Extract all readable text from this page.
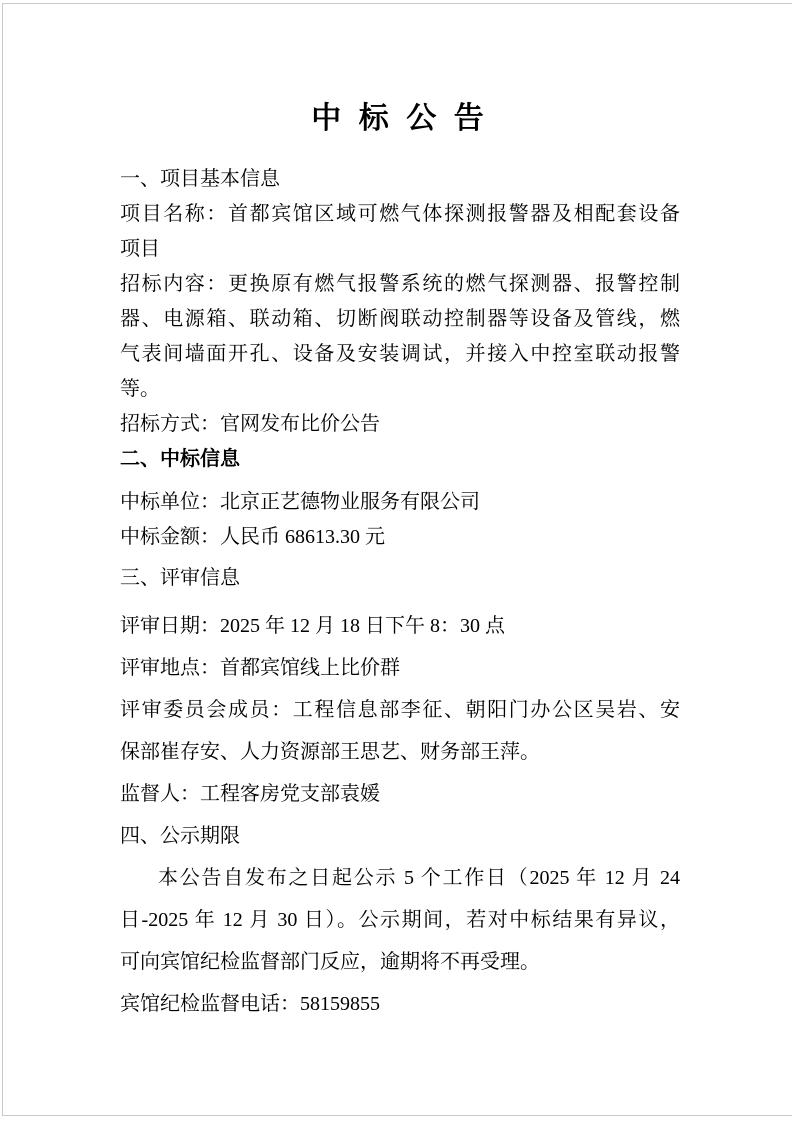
中 标 公 告
一、项目基本信息
项目名称：首都宾馆区域可燃气体探测报警器及相配套设备
项目
招标内容：更换原有燃气报警系统的燃气探测器、报警控制
器、电源箱、联动箱、切断阀联动控制器等设备及管线，燃
气表间墙面开孔、设备及安装调试，并接入中控室联动报警
等。
招标方式：官网发布比价公告
二、中标信息
中标单位：北京正艺德物业服务有限公司
中标金额：人民币 68613.30 元
三、评审信息
评审日期：2025 年 12 月 18 日下午 8：30 点
评审地点：首都宾馆线上比价群
评审委员会成员：工程信息部李征、朝阳门办公区吴岩、安
保部崔存安、人力资源部王思艺、财务部王萍。
监督人：工程客房党支部袁媛
四、公示期限
本公告自发布之日起公示 5 个工作日（2025 年 12 月 24
日-2025 年 12 月 30 日）。公示期间，若对中标结果有异议，
可向宾馆纪检监督部门反应，逾期将不再受理。
宾馆纪检监督电话：58159855
